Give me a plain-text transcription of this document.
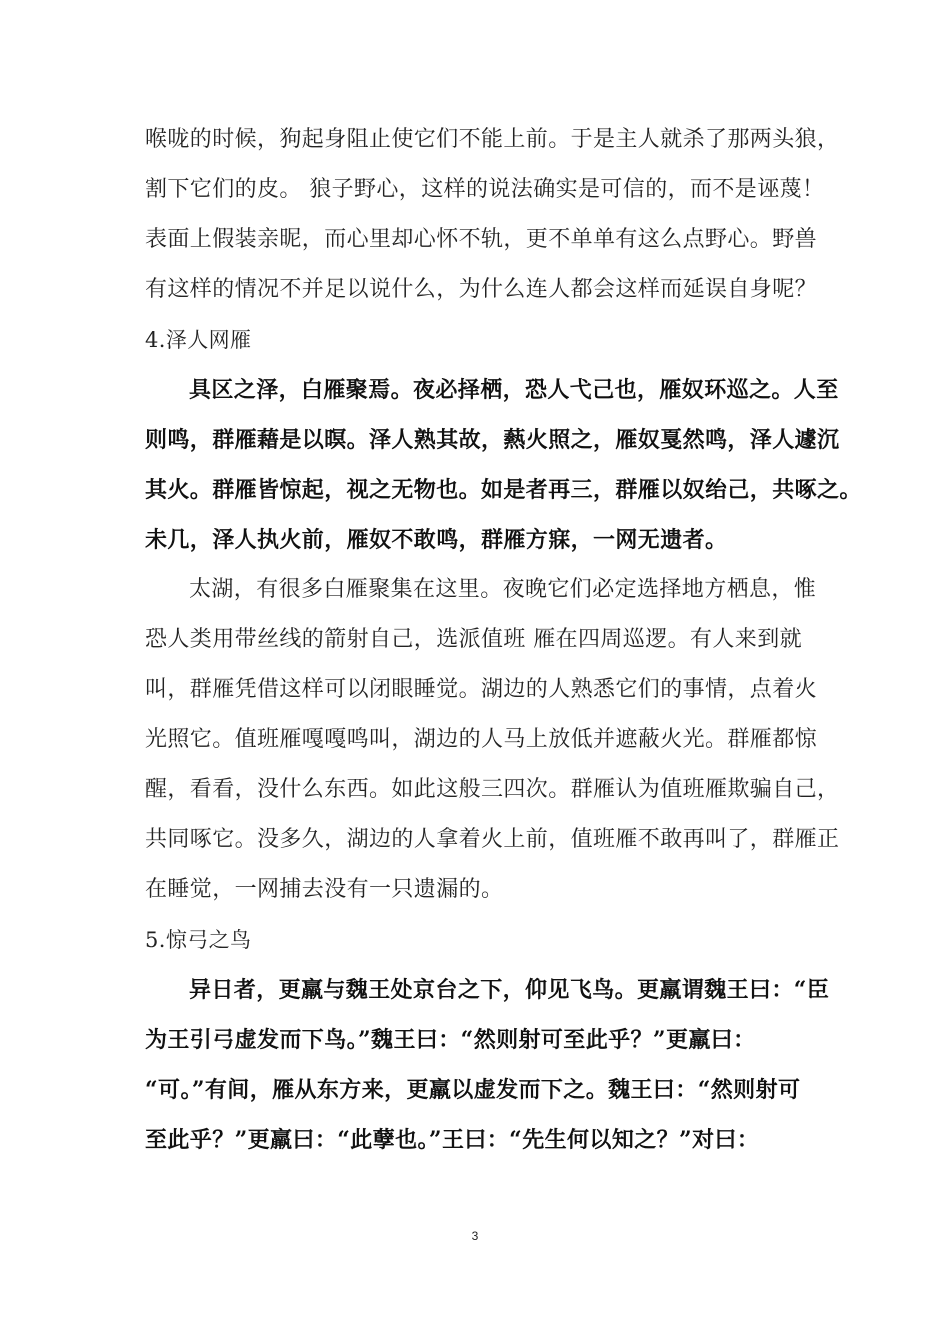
喉咙的时候，狗起身阻止使它们不能上前。于是主人就杀了那两头狼，
割下它们的皮。 狼子野心，这样的说法确实是可信的，而不是诬蔑！
表面上假装亲昵，而心里却心怀不轨，更不单单有这么点野心。野兽
有这样的情况不并足以说什么，为什么连人都会这样而延误自身呢？
4.泽人网雁
具区之泽，白雁聚焉。夜必择栖，恐人弋己也，雁奴环巡之。人至
则鸣，群雁藉是以暝。泽人熟其故，爇火照之，雁奴戛然鸣，泽人遽沉
其火。群雁皆惊起，视之无物也。如是者再三，群雁以奴绐己，共啄之。
未几，泽人执火前，雁奴不敢鸣，群雁方寐，一网无遗者。
太湖，有很多白雁聚集在这里。夜晚它们必定选择地方栖息，惟
恐人类用带丝线的箭射自己，选派值班 雁在四周巡逻。有人来到就
叫，群雁凭借这样可以闭眼睡觉。湖边的人熟悉它们的事情，点着火
光照它。值班雁嘎嘎鸣叫，湖边的人马上放低并遮蔽火光。群雁都惊
醒，看看，没什么东西。如此这般三四次。群雁认为值班雁欺骗自己，
共同啄它。没多久，湖边的人拿着火上前，值班雁不敢再叫了，群雁正
在睡觉，一网捕去没有一只遗漏的。
5.惊弓之鸟
异日者，更羸与魏王处京台之下，仰见飞鸟。更羸谓魏王曰：“臣
为王引弓虚发而下鸟。”魏王曰：“然则射可至此乎？”更羸曰：
“可。”有间，雁从东方来，更羸以虚发而下之。魏王曰：“然则射可
至此乎？”更羸曰：“此孽也。”王曰：“先生何以知之？”对曰：
3
